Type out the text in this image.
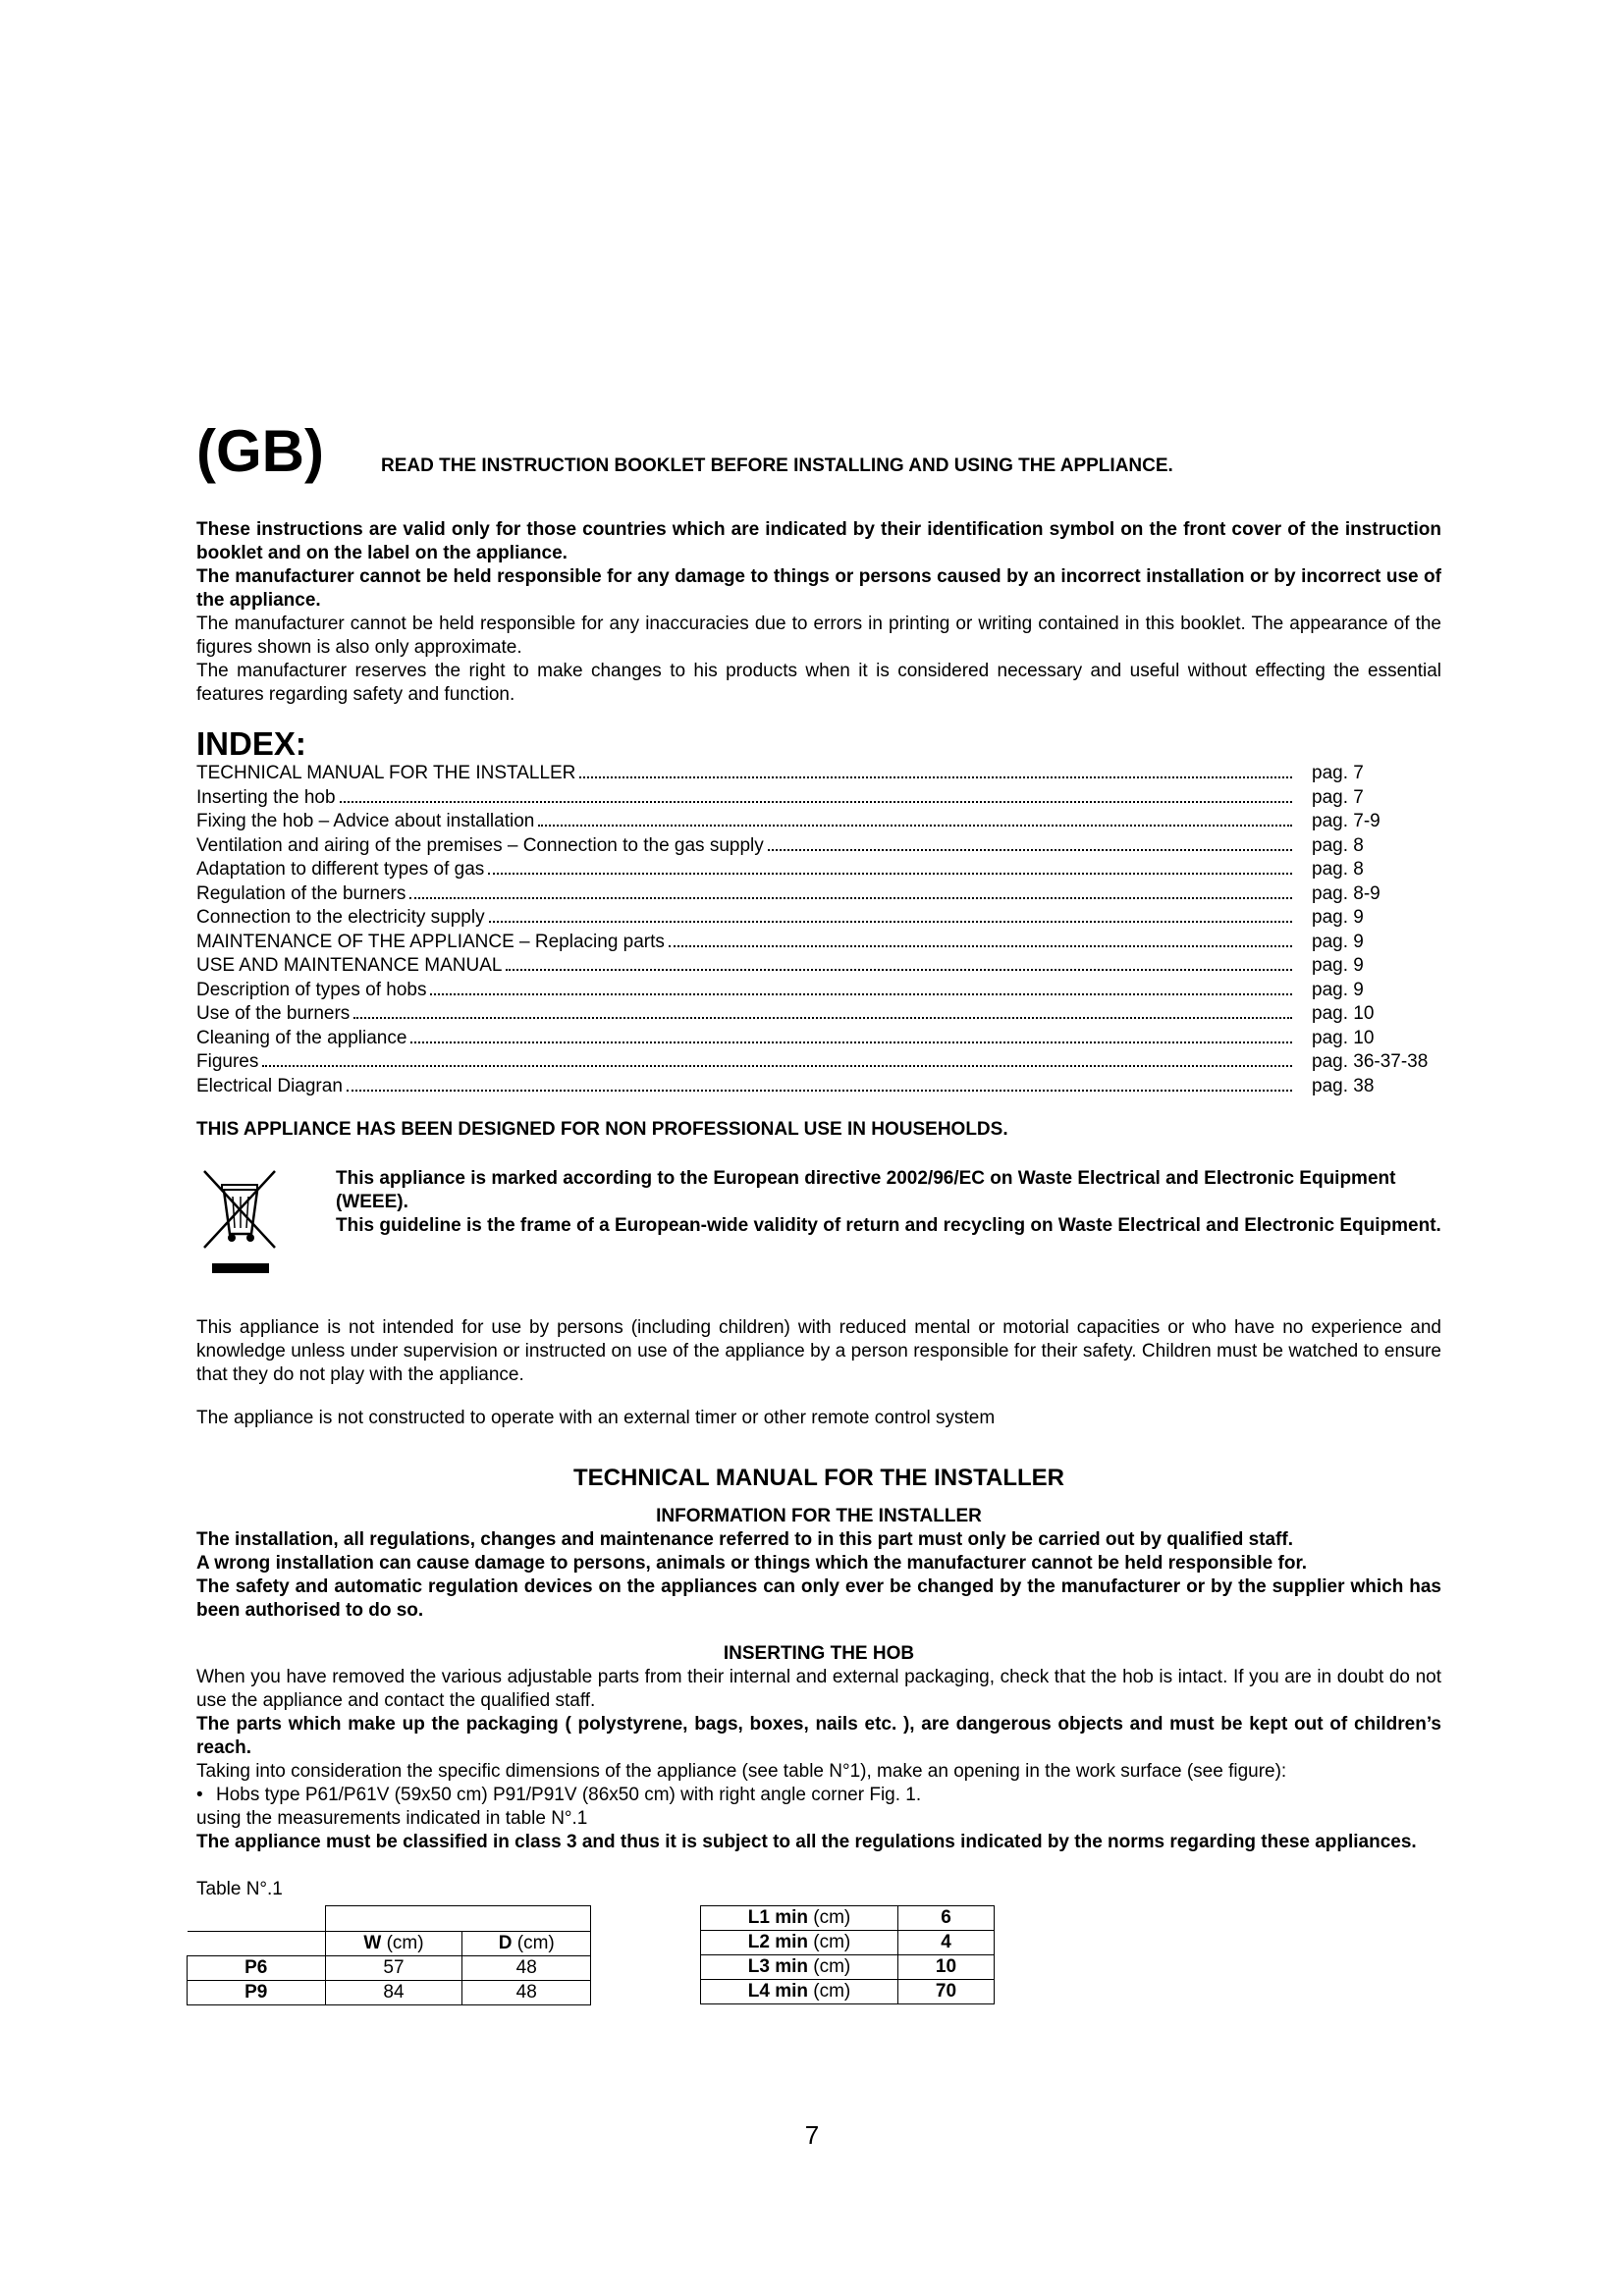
(GB)	READ THE INSTRUCTION BOOKLET BEFORE INSTALLING AND USING THE APPLIANCE.

These instructions are valid only for those countries which are indicated by their identification symbol on the front cover of the instruction booklet and on the label on the appliance.

The manufacturer cannot be held responsible for any damage to things or persons caused by an incorrect installation or by incorrect use of the appliance.

The manufacturer cannot be held responsible for any inaccuracies due to errors in printing or writing contained in this booklet. The appearance of the figures shown is also only approximate.

The manufacturer reserves the right to make changes to his products when it is considered necessary and useful without effecting the essential features regarding safety and function.

INDEX:
TECHNICAL MANUAL FOR THE INSTALLER	pag. 7
Inserting the hob	pag. 7
Fixing the hob – Advice about installation	pag. 7-9
Ventilation and airing of the premises – Connection to the gas supply	pag. 8
Adaptation to different types of gas	pag. 8
Regulation of the burners	pag. 8-9
Connection to the electricity supply	pag. 9
MAINTENANCE OF THE APPLIANCE – Replacing parts	pag. 9
USE AND MAINTENANCE MANUAL	pag. 9
Description of types of hobs	pag. 9
Use of the burners	pag. 10
Cleaning of the appliance	pag. 10
Figures	pag. 36-37-38
Electrical Diagran	pag. 38

THIS APPLIANCE HAS BEEN DESIGNED FOR NON PROFESSIONAL USE IN HOUSEHOLDS.

This appliance is marked according to the European directive 2002/96/EC on Waste Electrical and Electronic Equipment (WEEE).

This guideline is the frame of a European-wide validity of return and recycling on Waste Electrical and Electronic Equipment.

This appliance is not intended for use by persons (including children) with reduced mental or motorial capacities or who have no experience and knowledge unless under supervision or instructed on use of the appliance by a person responsible for their safety. Children must be watched to ensure that they do not play with the appliance.

The appliance is not constructed to operate with an external timer or other remote control system

TECHNICAL MANUAL FOR THE INSTALLER
INFORMATION FOR THE INSTALLER

The installation, all regulations, changes and maintenance referred to in this part must only be carried out by qualified staff.

A wrong installation can cause damage to persons, animals or things which the manufacturer cannot be held responsible for.

The safety and automatic regulation devices on the appliances can only ever be changed by the manufacturer or by the supplier which has been authorised to do so.

INSERTING THE HOB

When you have removed the various adjustable parts from their internal and external packaging, check that the hob is intact. If you are in doubt do not use the appliance and contact the qualified staff.

The parts which make up the packaging ( polystyrene, bags, boxes, nails etc. ), are dangerous objects and must be kept out of children’s reach.

Taking into consideration the specific dimensions of the appliance (see table N°1), make an opening in the work surface (see figure):

• Hobs type P61/P61V (59x50 cm) P91/P91V (86x50 cm) with right angle corner Fig. 1.

using the measurements indicated in table N°.1

The appliance must be classified in class 3 and thus it is subject to all the regulations indicated by the norms regarding these appliances.

Table N°.1

	W (cm)	D (cm)
P6	57	48
P9	84	48
L1 min (cm)	6
L2 min (cm)	4
L3 min (cm)	10
L4 min (cm)	70
7
